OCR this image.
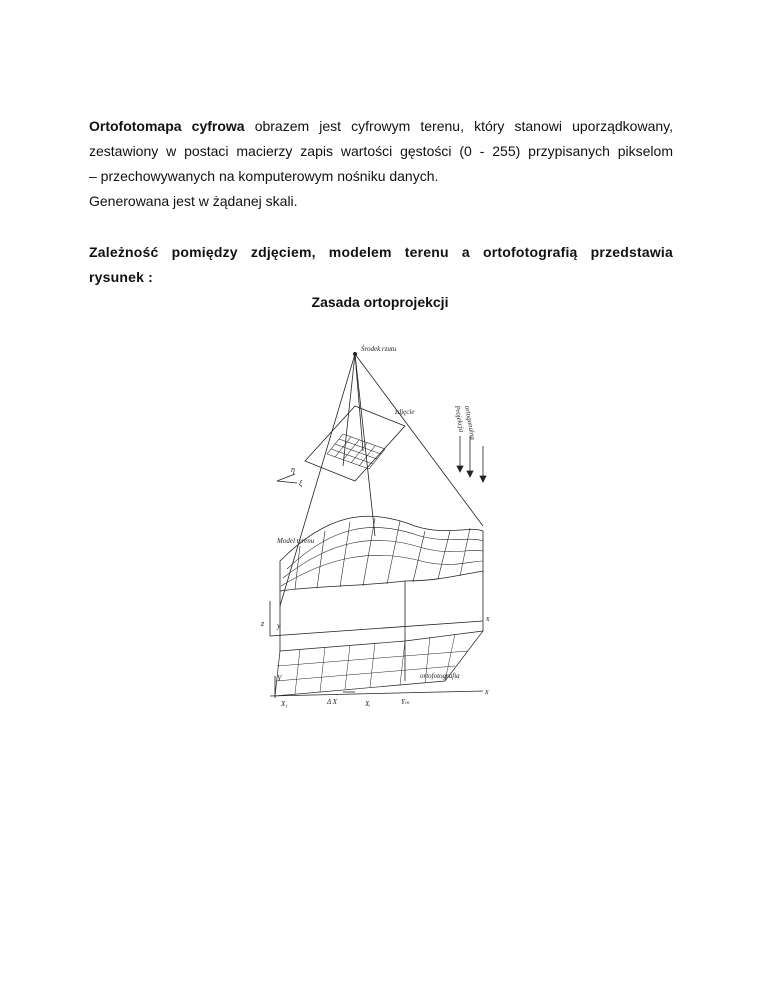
Ortofotomapa cyfrowa obrazem jest cyfrowym terenu, który stanowi uporządkowany,
zestawiony w postaci macierzy zapis wartości gęstości (0 - 255) przypisanych pikselom
– przechowywanych na komputerowym nośniku danych.
Generowana jest w żądanej skali.
Zależność pomiędzy zdjęciem, modelem terenu a ortofotografią przedstawia
rysunek :
Zasada ortoprojekcji
Środek rzutu
zdjęcie	Projekcja
ortogonalna
η
ξ
Model terenu
x
z y
Y	ortofotografia
x
X₁	Δ X	Xᵢ	Yₘ
